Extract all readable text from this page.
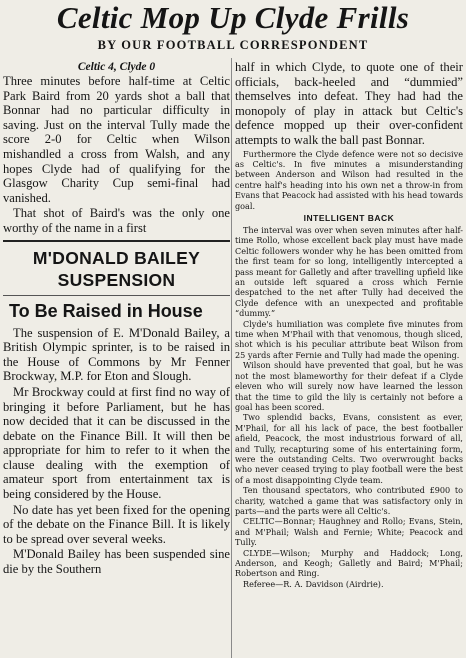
Celtic Mop Up Clyde Frills
BY OUR FOOTBALL CORRESPONDENT
Celtic 4, Clyde 0

Three minutes before half-time at Celtic Park Baird from 20 yards shot a ball that Bonnar had no particular difficulty in saving. Just on the interval Tully made the score 2-0 for Celtic when Wilson mishandled a cross from Walsh, and any hopes Clyde had of qualifying for the Glasgow Charity Cup semi-final had vanished.

That shot of Baird's was the only one worthy of the name in a first

M'DONALD BAILEY
SUSPENSION
To Be Raised in House

The suspension of E. M'Donald Bailey, a British Olympic sprinter, is to be raised in the House of Commons by Mr Fenner Brockway, M.P. for Eton and Slough.

Mr Brockway could at first find no way of bringing it before Parliament, but he has now decided that it can be discussed in the debate on the Finance Bill. It will then be appropriate for him to refer to it when the clause dealing with the exemption of amateur sport from entertainment tax is being considered by the House.

No date has yet been fixed for the opening of the debate on the Finance Bill. It is likely to be spread over several weeks.

M'Donald Bailey has been suspended sine die by the Southern

half in which Clyde, to quote one of their officials, back-heeled and “dummied” themselves into defeat. They had had the monopoly of play in attack but Celtic's defence mopped up their over-confident attempts to walk the ball past Bonnar.

Furthermore the Clyde defence were not so decisive as Celtic's. In five minutes a misunderstanding between Anderson and Wilson had resulted in the centre half's heading into his own net a throw-in from Evans that Peacock had assisted with his head towards goal.

INTELLIGENT BACK

The interval was over when seven minutes after half-time Rollo, whose excellent back play must have made Celtic followers wonder why he has been omitted from the first team for so long, intelligently intercepted a pass meant for Galletly and after travelling upfield like an outside left squared a cross which Fernie despatched to the net after Tully had deceived the Clyde defence with an unexpected and profitable “dummy.”

Clyde's humiliation was complete five minutes from time when M'Phail with that venomous, though sliced, shot which is his peculiar attribute beat Wilson from 25 yards after Fernie and Tully had made the opening.

Wilson should have prevented that goal, but he was not the most blameworthy for their defeat if a Clyde eleven who will surely now have learned the lesson that the time to gild the lily is certainly not before a goal has been scored.

Two splendid backs, Evans, consistent as ever, M'Phail, for all his lack of pace, the best footballer afield, Peacock, the most industrious forward of all, and Tully, recapturing some of his entertaining form, were the outstanding Celts. Two overwrought backs who never ceased trying to play football were the best of a most disappointing Clyde team.

Ten thousand spectators, who contributed £900 to charity, watched a game that was satisfactory only in parts—and the parts were all Celtic's.

CELTIC—Bonnar; Haughney and Rollo; Evans, Stein, and M'Phail; Walsh and Fernie; White; Peacock and Tully.

CLYDE—Wilson; Murphy and Haddock; Long, Anderson, and Keogh; Galletly and Baird; M'Phail; Robertson and Ring.

Referee—R. A. Davidson (Airdrie).
